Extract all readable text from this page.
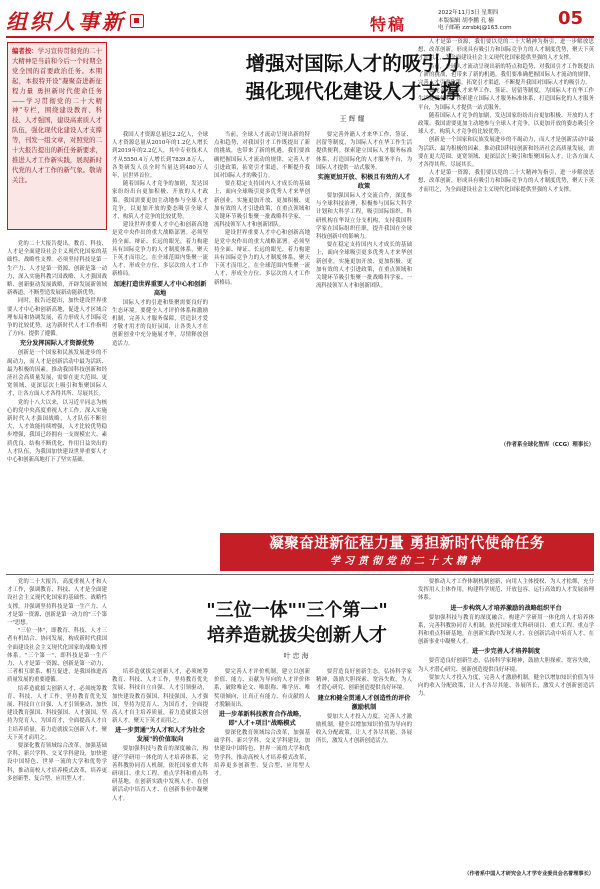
组织人事新	特稿
2022年11月3日 星期四
本版编辑 胡李鹏 孔 楠
电子邮箱 zzrsbkj@163.com	05
编者按：学习宣传贯彻党的二十大精神是当前和今后一个时期全党全国的首要政治任务。本期起，本报特开设"凝聚奋进新征程力量 勇担新时代使命任务——学习贯彻党的二十大精神"专栏，围绕建设教育、科技、人才强国，建设高素质人才队伍，强化现代化建设人才支撑等，刊发一组文章，对照党的二十大报告提出的新任务新要求，推进人才工作新实践，展现新时代党的人才工作的新气象。敬请关注。
增强对国际人才的吸引力
强化现代化建设人才支撑
王辉耀

党的二十大报告提出，教育、科技、人才是全面建设社会主义现代化国家的基础性、战略性支撑。必须坚持科技是第一生产力、人才是第一资源、创新是第一动力，深入实施科教兴国战略、人才强国战略、创新驱动发展战略，开辟发展新领域新赛道，不断塑造发展新动能新优势。

同时，报告还提出，加快建设世界重要人才中心和创新高地，促进人才区域合理布局和协调发展，着力形成人才国际竞争的比较优势。这为新时代人才工作指明了方向、提供了遵循。

充分发挥国际人才资源优势

创新是一个国家和民族发展进步的不竭动力，而人才是创新活动中最为活跃、最为积极的因素。推动我国科技创新和经济社会高质量发展，需要在更大范围、更宽领域、更深层次上吸引和集聚国际人才，让各方面人才各得其所、尽展其长。

党的十八大以来，以习近平同志为核心的党中央高度重视人才工作，深入实施新时代人才强国战略，人才队伍不断壮大，人才效能持续增强，人才比较优势稳步增强，我国已经拥有一支规模宏大、素质优良、结构不断优化、作用日益突出的人才队伍，为我国加快建设世界重要人才中心和创新高地打下了坚实基础。

我国人才资源总量达2.2亿人，全球人才资源总量从2010年的1.2亿人增长到2019年的2.2亿人，其中专业技术人才从5550.4万人增长到7839.8万人，各类研发人员全时当量达到480万人年，居世界首位。

随着国际人才竞争的加剧，发达国家纷纷出台更加积极、开放的人才政策。我国需要更加主动地参与全球人才竞争，以更加开放的姿态吸引全球人才，构筑人才竞争的比较优势。

建设世界重要人才中心和创新高地是党中央作出的重大战略部署。必须坚持全面、辩证、长远的眼光，着力构建具有国际竞争力的人才制度体系，聚天下英才而用之，在全球范围内集聚一流人才，形成全方位、多层次的人才工作新格局。

加速打造世界重要人才中心和创新高地

国际人才的引进和集聚需要良好的生态环境。要健全人才评价体系和激励机制，完善人才服务保障，营造识才爱才敬才用才的良好氛围，让各类人才在创新创业中充分施展才华，尽情释放创造活力。

当前，全球人才流动呈现出新的特点和趋势，对我国引才工作既提出了新的挑战，也带来了新的机遇。我们要准确把握国际人才流动的规律，完善人才引进政策，拓宽引才渠道，不断提升我国对国际人才的吸引力。

要在稳定支持国内人才成长的基础上，面向全球吸引更多优秀人才来华创新创业，实施更加开放、更加积极、更加有效的人才引进政策，在重点领域和关键环节吸引集聚一批战略科学家、一流科技领军人才和创新团队。

建设世界重要人才中心和创新高地是党中央作出的重大战略部署。必须坚持全面、辩证、长远的眼光，着力构建具有国际竞争力的人才制度体系，聚天下英才而用之，在全球范围内集聚一流人才，形成全方位、多层次的人才工作新格局。

要完善外籍人才来华工作、签证、居留等制度，为国际人才在华工作生活提供便利。探索建立国际人才服务标准体系，打造国际化的人才服务平台，为国际人才提供一站式服务。

实施更加开放、积极且有效的人才政策

要加强国际人才交流合作，深度参与全球科技治理，积极参与国际大科学计划和大科学工程，吸引国际组织、科研机构在华设立分支机构，支持我国科学家在国际组织任职，提升我国在全球科技创新中的影响力。

要在稳定支持国内人才成长的基础上，面向全球吸引更多优秀人才来华创新创业，实施更加开放、更加积极、更加有效的人才引进政策，在重点领域和关键环节吸引集聚一批战略科学家、一流科技领军人才和创新团队。

人才是第一资源，我们要以党的二十大精神为指引，进一步解放思想、改革创新，形成具有吸引力和国际竞争力的人才制度优势，聚天下英才而用之，为全面建设社会主义现代化国家提供坚强的人才支撑。

当前，全球人才流动呈现出新的特点和趋势，对我国引才工作既提出了新的挑战，也带来了新的机遇。我们要准确把握国际人才流动的规律，完善人才引进政策，拓宽引才渠道，不断提升我国对国际人才的吸引力。

要完善外籍人才来华工作、签证、居留等制度，为国际人才在华工作生活提供便利。探索建立国际人才服务标准体系，打造国际化的人才服务平台，为国际人才提供一站式服务。

随着国际人才竞争的加剧，发达国家纷纷出台更加积极、开放的人才政策。我国需要更加主动地参与全球人才竞争，以更加开放的姿态吸引全球人才，构筑人才竞争的比较优势。

创新是一个国家和民族发展进步的不竭动力，而人才是创新活动中最为活跃、最为积极的因素。推动我国科技创新和经济社会高质量发展，需要在更大范围、更宽领域、更深层次上吸引和集聚国际人才，让各方面人才各得其所、尽展其长。

人才是第一资源，我们要以党的二十大精神为指引，进一步解放思想、改革创新，形成具有吸引力和国际竞争力的人才制度优势，聚天下英才而用之，为全面建设社会主义现代化国家提供坚强的人才支撑。

（作者系全球化智库（CCG）理事长）
凝聚奋进新征程力量 勇担新时代使命任务
学习贯彻党的二十大精神
"三位一体""三个第一"
培养造就拔尖创新人才
叶忠海

党的二十大报告，高度重视人才和人才工作，强调教育、科技、人才是全面建设社会主义现代化国家的基础性、战略性支撑，并强调坚持科技是第一生产力、人才是第一资源、创新是第一动力的"三个第一"思想。

"三位一体"，即教育、科技、人才三者有机结合、协同发展，构成新时代我国全面建设社会主义现代化国家的战略支撑体系。"三个第一"，即科技是第一生产力、人才是第一资源、创新是第一动力，三者相互联系、相互促进，是我国推进高质量发展的重要遵循。

培养造就拔尖创新人才，必须统筹教育、科技、人才工作，坚持教育优先发展、科技自立自强、人才引领驱动，加快建设教育强国、科技强国、人才强国，坚持为党育人、为国育才，全面提高人才自主培养质量，着力造就拔尖创新人才，聚天下英才而用之。

要深化教育领域综合改革，加强基础学科、新兴学科、交叉学科建设，加快建设中国特色、世界一流的大学和优势学科，推动高校人才培养模式改革，培养更多创新型、复合型、应用型人才。

培养造就拔尖创新人才，必须统筹教育、科技、人才工作，坚持教育优先发展、科技自立自强、人才引领驱动，加快建设教育强国、科技强国、人才强国，坚持为党育人、为国育才，全面提高人才自主培养质量，着力造就拔尖创新人才，聚天下英才而用之。

进一步贯通"为人才和人才为社会发展"的价值取向

要加强科技与教育的深度融合，构建产学研用一体化的人才培养体系，完善科教协同育人机制，依托国家重大科研项目、重大工程、重点学科和重点科研基地，在创新实践中发现人才、在创新活动中培育人才、在创新事业中凝聚人才。

要完善人才评价机制，建立以创新价值、能力、贡献为导向的人才评价体系，破除唯论文、唯职称、唯学历、唯奖项倾向，让真正有能力、有贡献的人才脱颖而出。

进一步革新科技教育合作战略，即"人才+项目"战略模式

要深化教育领域综合改革，加强基础学科、新兴学科、交叉学科建设，加快建设中国特色、世界一流的大学和优势学科，推动高校人才培养模式改革，培养更多创新型、复合型、应用型人才。

要营造良好创新生态，弘扬科学家精神，鼓励大胆探索、宽容失败，为人才潜心研究、创新创造提供良好环境。

建立和健全贯通人才创造性的评价激励机制

要加大人才投入力度，完善人才激励机制，健全以增加知识价值为导向的收入分配政策，让人才各尽其能、各展所长，激发人才创新创造活力。

要推动人才工作体制机制创新，向用人主体授权、为人才松绑，充分发挥用人主体作用，构建科学规范、开放包容、运行高效的人才发展治理体系。

进一步构筑人才培养激励的战略组织平台

要加强科技与教育的深度融合，构建产学研用一体化的人才培养体系，完善科教协同育人机制，依托国家重大科研项目、重大工程、重点学科和重点科研基地，在创新实践中发现人才、在创新活动中培育人才、在创新事业中凝聚人才。

进一步完善人才培养制度

要营造良好创新生态，弘扬科学家精神，鼓励大胆探索、宽容失败，为人才潜心研究、创新创造提供良好环境。

要加大人才投入力度，完善人才激励机制，健全以增加知识价值为导向的收入分配政策，让人才各尽其能、各展所长，激发人才创新创造活力。

（作者系中国人才研究会人才学专业委员会名誉理事长）
